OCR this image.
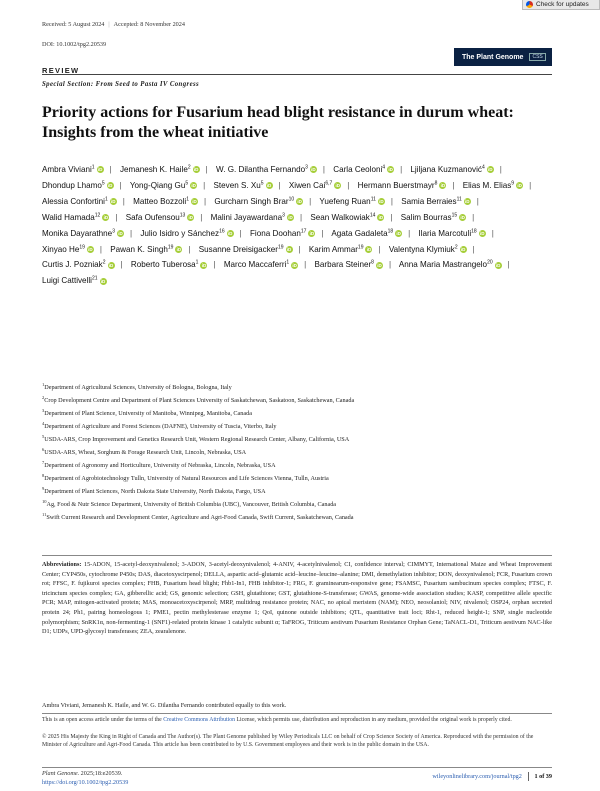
Check for updates
Received: 5 August 2024 | Accepted: 8 November 2024
DOI: 10.1002/tpg2.20539
The Plant Genome	CSS
REVIEW
Special Section: From Seed to Pasta IV Congress
Priority actions for Fusarium head blight resistance in durum wheat: Insights from the wheat initiative
Ambra Viviani$^1$ iD | Jemanesh K. Haile$^2$ iD | W. G. Dilantha Fernando$^3$ iD | Carla Ceoloni$^4$ iD | Ljiljana Kuzmanović$^4$ iD | Dhondup Lhamo$^5$ iD | Yong-Qiang Gu$^5$ iD | Steven S. Xu$^5$ iD | Xiwen Cai$^{6,7}$ iD | Hermann Buerstmayr$^8$ iD | Elias M. Elias$^9$ iD | Alessia Confortini$^1$ iD | Matteo Bozzoli$^1$ iD | Gurcharn Singh Brar$^{10}$ iD | Yuefeng Ruan$^{11}$ iD | Samia Berraies$^{11}$ iD | Walid Hamada$^{12}$ iD | Safa Oufensou$^{13}$ iD | Malini Jayawardana$^3$ iD | Sean Walkowiak$^{14}$ iD | Salim Bourras$^{15}$ iD | Monika Dayarathne$^3$ iD | Julio Isidro y Sánchez$^{16}$ iD | Fiona Doohan$^{17}$ iD | Agata Gadaleta$^{18}$ iD | Ilaria Marcotuli$^{18}$ iD | Xinyao He$^{19}$ iD | Pawan K. Singh$^{19}$ iD | Susanne Dreisigacker$^{19}$ iD | Karim Ammar$^{19}$ iD | Valentyna Klymiuk$^2$ iD | Curtis J. Pozniak$^2$ iD | Roberto Tuberosa$^1$ iD | Marco Maccaferri$^1$ iD | Barbara Steiner$^8$ iD | Anna Maria Mastrangelo$^{20}$ iD | Luigi Cattivelli$^{21}$ iD
$^1$Department of Agricultural Sciences, University of Bologna, Bologna, Italy
$^2$Crop Development Centre and Department of Plant Sciences University of Saskatchewan, Saskatoon, Saskatchewan, Canada
$^3$Department of Plant Science, University of Manitoba, Winnipeg, Manitoba, Canada
$^4$Department of Agriculture and Forest Sciences (DAFNE), University of Tuscia, Viterbo, Italy
$^5$USDA-ARS, Crop Improvement and Genetics Research Unit, Western Regional Research Center, Albany, California, USA
$^6$USDA-ARS, Wheat, Sorghum & Forage Research Unit, Lincoln, Nebraska, USA
$^7$Department of Agronomy and Horticulture, University of Nebraska, Lincoln, Nebraska, USA
$^8$Department of Agrobiotechnology Tulln, University of Natural Resources and Life Sciences Vienna, Tulln, Austria
$^9$Department of Plant Sciences, North Dakota State University, North Dakota, Fargo, USA
$^{10}$Ag, Food & Nutr Science Department, University of British Columbia (UBC), Vancouver, British Columbia, Canada
$^{11}$Swift Current Research and Development Center, Agriculture and Agri-Food Canada, Swift Current, Saskatchewan, Canada
Abbreviations: 15-ADON, 15-acetyl-deoxynivalenol; 3-ADON, 3-acetyl-deoxynivalenol; 4-ANIV, 4-acetylnivalenol; CI, confidence interval; CIMMYT, International Maize and Wheat Improvement Center; CYP450s, cytochrome P450s; DAS, diacetoxyscirpenol; DELLA, aspartic acid–glutamic acid–leucine–leucine–alanine; DMI, demethylation inhibitor; DON, deoxynivalenol; FCR, Fusarium crown rot; FFSC, F. fujikuroi species complex; FHB, Fusarium head blight; Fhb1-In1, FHB inhibitor-1; FRG, F. graminearum-responsive gene; FSAMSC, Fusarium sambucinum species complex; FTSC, F. tricinctum species complex; GA, gibberellic acid; GS, genomic selection; GSH, glutathione; GST, glutathione-S-transferase; GWAS, genome-wide association studies; KASP, competitive allele specific PCR; MAP, mitogen-activated protein; MAS, monoacetoxyscirpenol; MRP, multidrug resistance protein; NAC, no apical meristem (NAM); NEO, neosolaniol; NIV, nivalenol; OSP24, orphan secreted protein 24; Ph1, pairing homeologous 1; PME1, pectin methylesterase enzyme 1; QoI, quinone outside inhibitors; QTL, quantitative trait loci; Rht-1, reduced height-1; SNP, single nucleotide polymorphism; SnRK1α, non-fermenting-1 (SNF1)-related protein kinase 1 catalytic subunit α; TaFROG, Triticum aestivum Fusarium Resistance Orphan Gene; TaNACL-D1, Triticum aestivum NAC-like D1; UDPs, UPD-glycosyl transferases; ZEA, zearalenone.
Ambra Viviani, Jemanesh K. Haile, and W. G. Dilantha Fernando contributed equally to this work.
This is an open access article under the terms of the Creative Commons Attribution License, which permits use, distribution and reproduction in any medium, provided the original work is properly cited.
© 2025 His Majesty the King in Right of Canada and The Author(s). The Plant Genome published by Wiley Periodicals LLC on behalf of Crop Science Society of America. Reproduced with the permission of the Minister of Agriculture and Agri-Food Canada. This article has been contributed to by U.S. Government employees and their work is in the public domain in the USA.
Plant Genome. 2025;18:e20539.
https://doi.org/10.1002/tpg2.20539
wileyonlinelibrary.com/journal/tpg2 1 of 39
